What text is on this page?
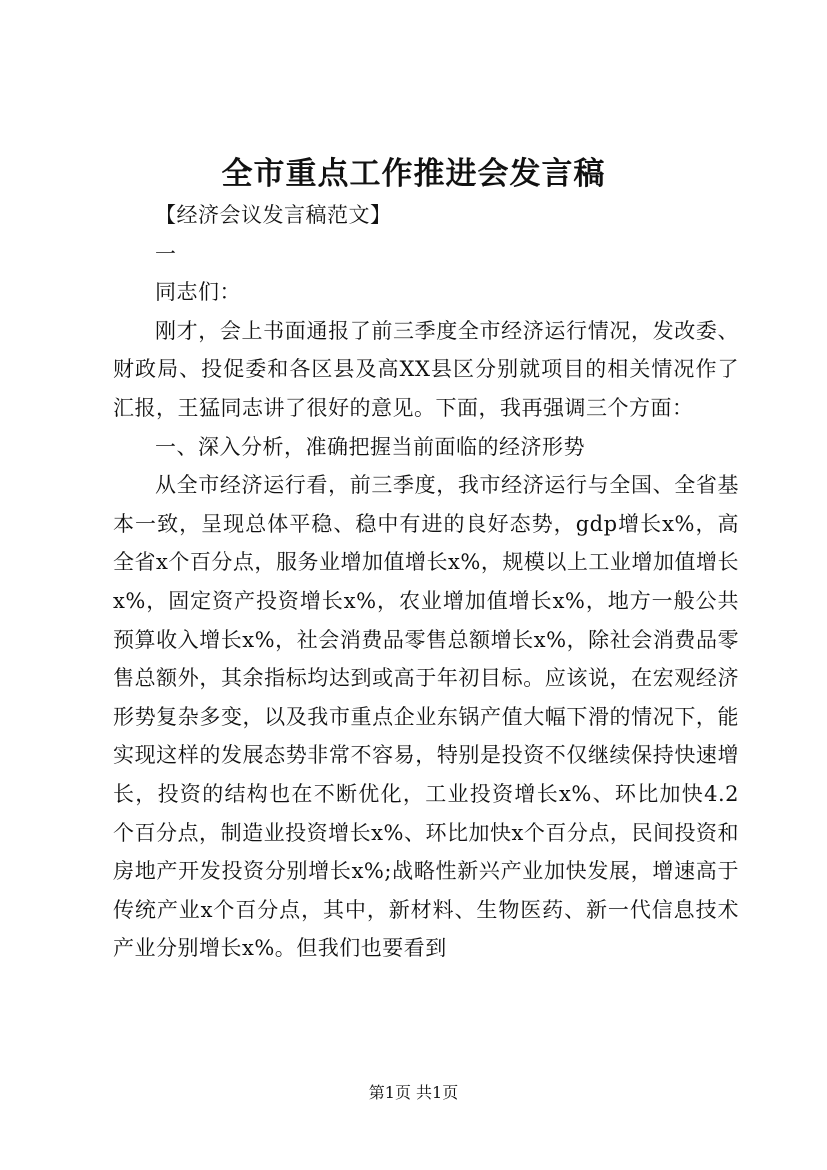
全市重点工作推进会发言稿

【经济会议发言稿范文】

一

同志们：

刚才，会上书面通报了前三季度全市经济运行情况，发改委、财政局、投促委和各区县及高XX县区分别就项目的相关情况作了汇报，王猛同志讲了很好的意见。下面，我再强调三个方面：

一、深入分析，准确把握当前面临的经济形势

从全市经济运行看，前三季度，我市经济运行与全国、全省基本一致，呈现总体平稳、稳中有进的良好态势，gdp增长x%，高全省x个百分点，服务业增加值增长x%，规模以上工业增加值增长x%，固定资产投资增长x%，农业增加值增长x%，地方一般公共预算收入增长x%，社会消费品零售总额增长x%，除社会消费品零售总额外，其余指标均达到或高于年初目标。应该说，在宏观经济形势复杂多变，以及我市重点企业东锅产值大幅下滑的情况下，能实现这样的发展态势非常不容易，特别是投资不仅继续保持快速增长，投资的结构也在不断优化，工业投资增长x%、环比加快4.2个百分点，制造业投资增长x%、环比加快x个百分点，民间投资和房地产开发投资分别增长x%;战略性新兴产业加快发展，增速高于传统产业x个百分点，其中，新材料、生物医药、新一代信息技术产业分别增长x%。但我们也要看到

第1页 共1页
